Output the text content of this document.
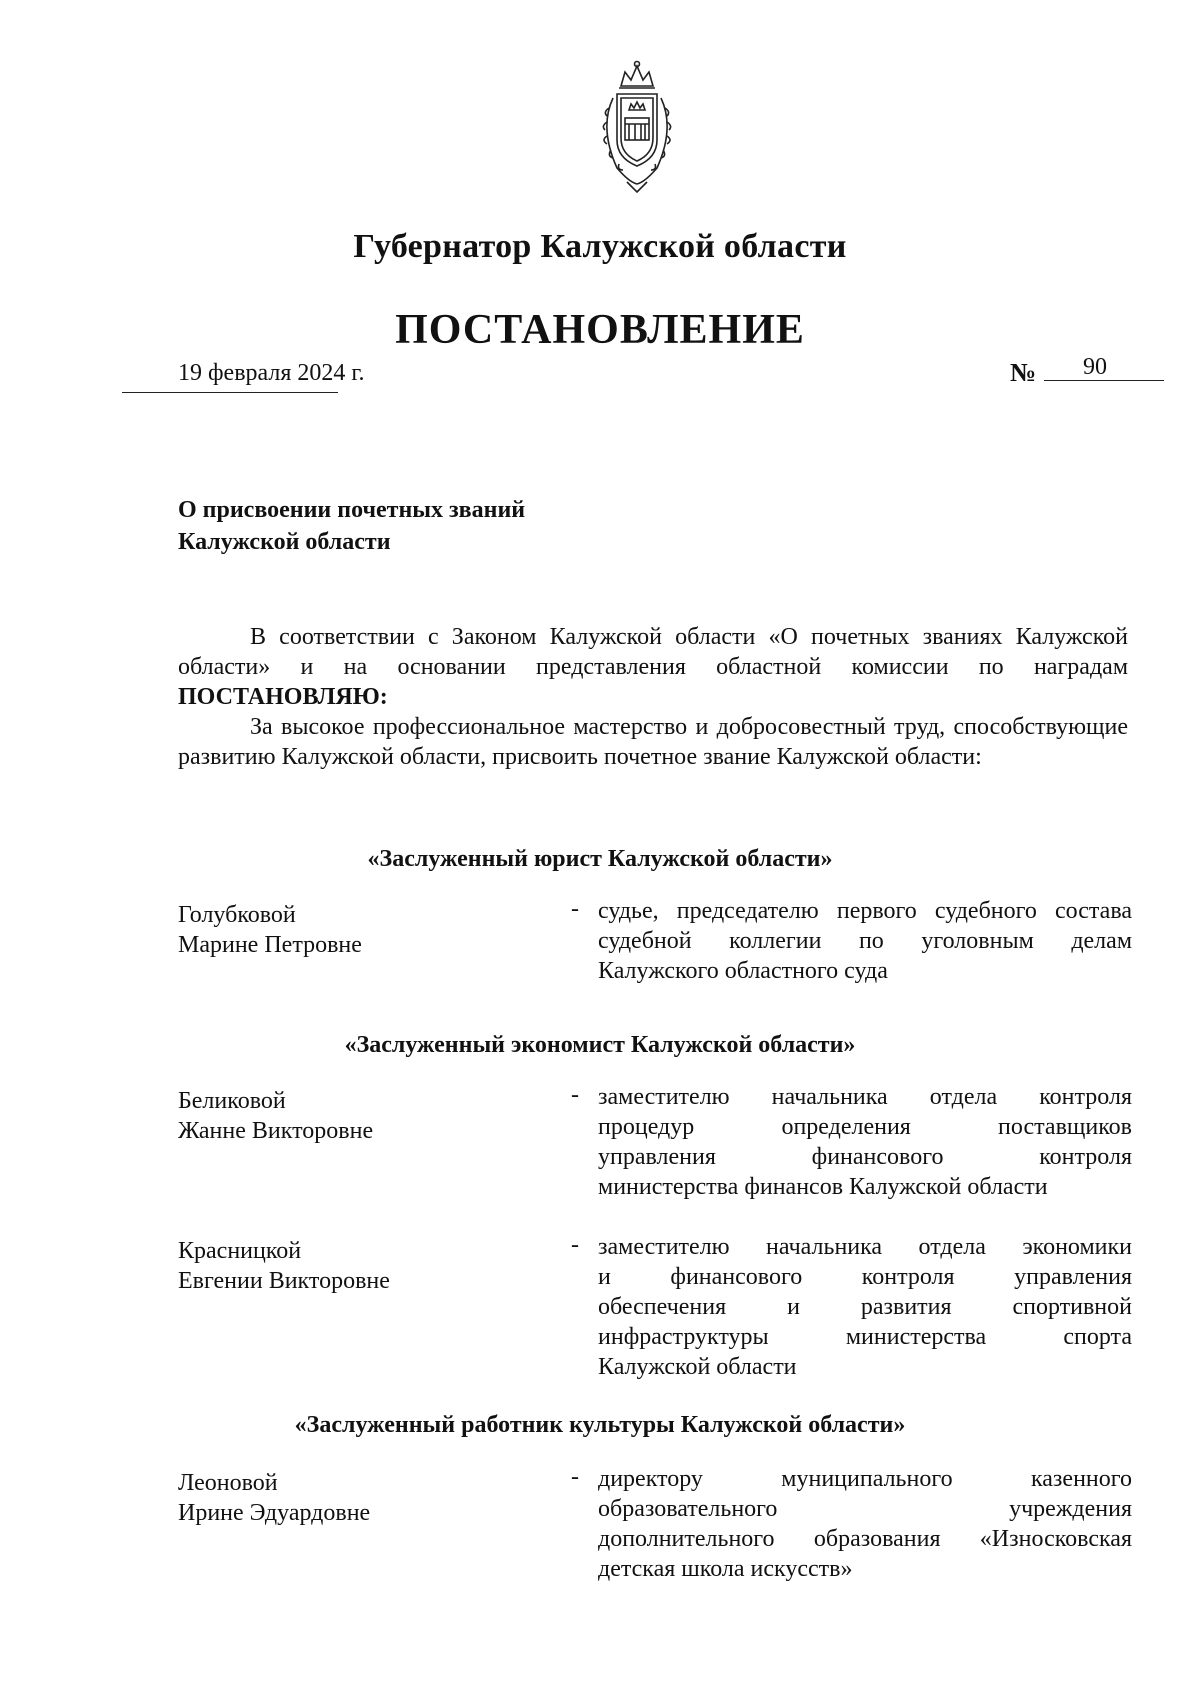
Губернатор Калужской области
ПОСТАНОВЛЕНИЕ
19 февраля 2024 г.	№ 90
О присвоении почетных званий
Калужской области
В соответствии с Законом Калужской области «О почетных званиях Калужской области» и на основании представления областной комиссии по наградам ПОСТАНОВЛЯЮ:
За высокое профессиональное мастерство и добросовестный труд, способствующие развитию Калужской области, присвоить почетное звание Калужской области:
«Заслуженный юрист Калужской области»
Голубковой
Марине Петровне
- судье, председателю первого судебного состава
судебной коллегии по уголовным делам
Калужского областного суда
«Заслуженный экономист Калужской области»
Беликовой
Жанне Викторовне
- заместителю начальника отдела контроля
процедур определения поставщиков
управления финансового контроля
министерства финансов Калужской области
Красницкой
Евгении Викторовне
- заместителю начальника отдела экономики
и финансового контроля управления
обеспечения и развития спортивной
инфраструктуры министерства спорта
Калужской области
«Заслуженный работник культуры Калужской области»
Леоновой
Ирине Эдуардовне
- директору муниципального казенного
образовательного учреждения
дополнительного образования «Износковская
детская школа искусств»
